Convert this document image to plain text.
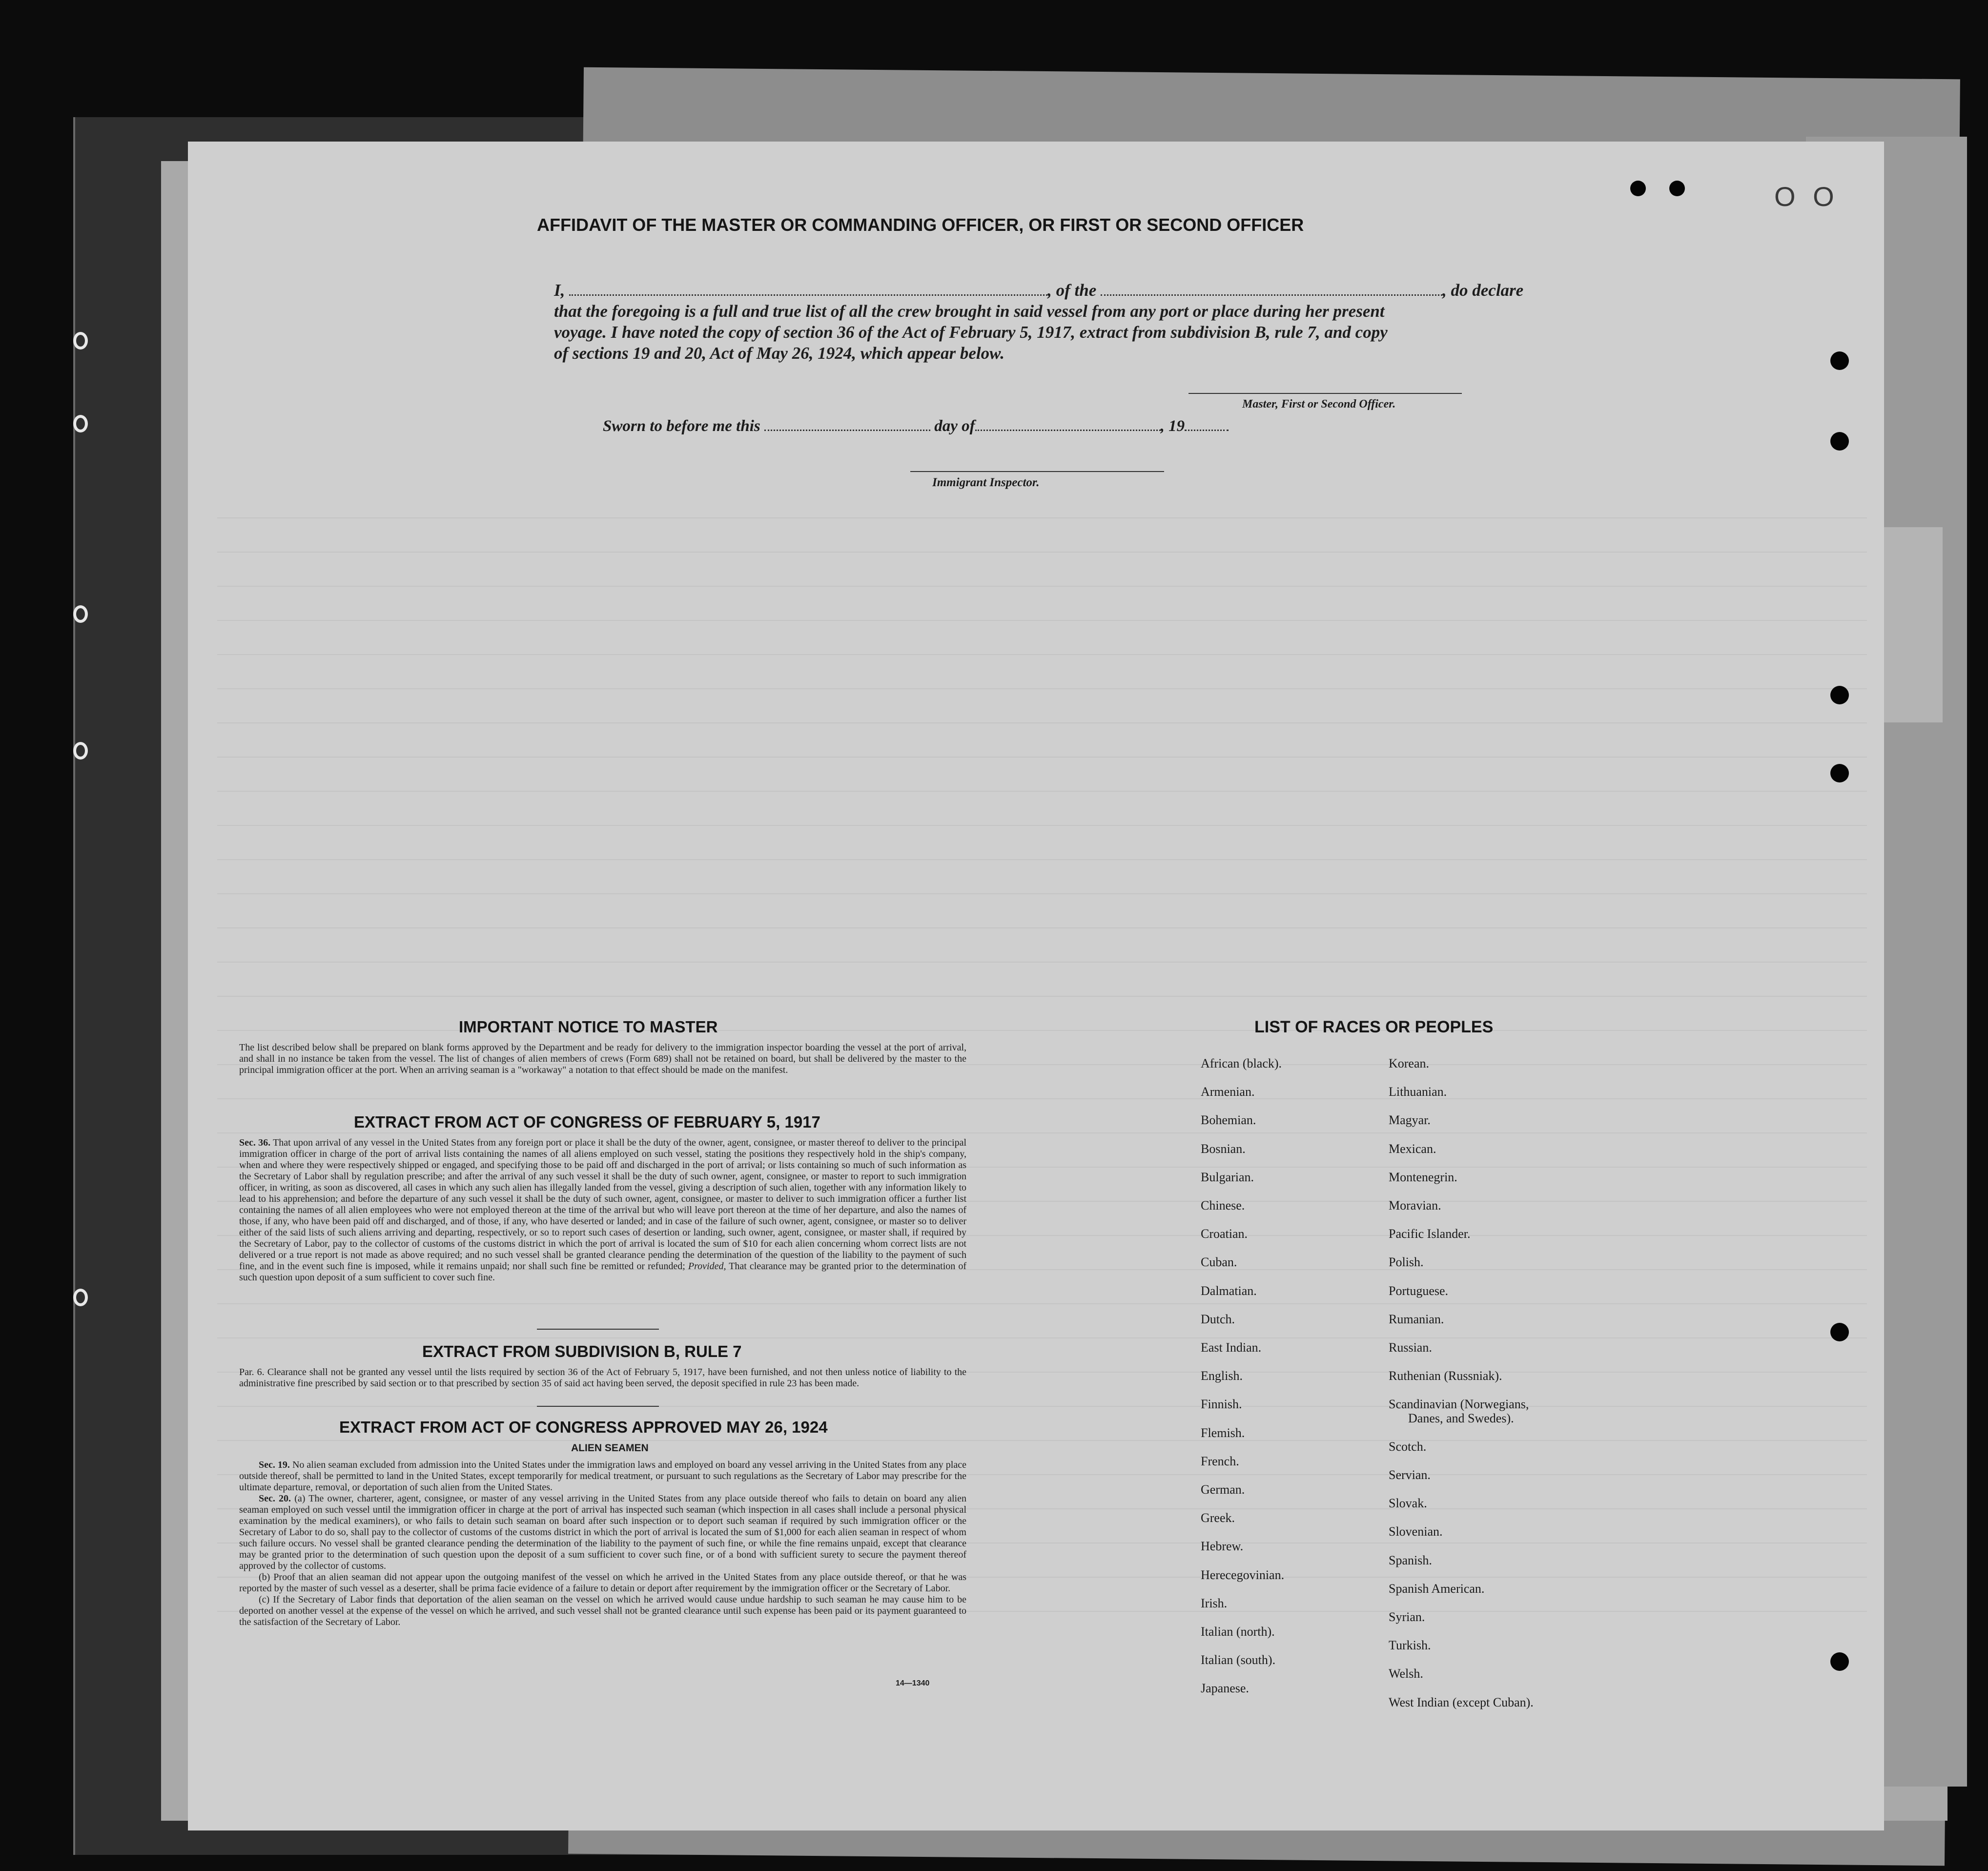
AFFIDAVIT OF THE MASTER OR COMMANDING OFFICER, OR FIRST OR SECOND OFFICER
I,	, of the	, do declare
that the foregoing is a full and true list of all the crew brought in said vessel from any port or place during her present
voyage. I have noted the copy of section 36 of the Act of February 5, 1917, extract from subdivision B, rule 7, and copy
of sections 19 and 20, Act of May 26, 1924, which appear below.
Master, First or Second Officer.
Sworn to before me this	day of	, 19
Immigrant Inspector.
IMPORTANT NOTICE TO MASTER
The list described below shall be prepared on blank forms approved by the Department and be ready for delivery to the immigration inspector boarding the vessel at the port of arrival, and shall in no instance be taken from the vessel. The list of changes of alien members of crews (Form 689) shall not be retained on board, but shall be delivered by the master to the principal immigration officer at the port. When an arriving seaman is a "workaway" a notation to that effect should be made on the manifest.
EXTRACT FROM ACT OF CONGRESS OF FEBRUARY 5, 1917
Sec. 36. That upon arrival of any vessel in the United States from any foreign port or place it shall be the duty of the owner, agent, consignee, or master thereof to deliver to the principal immigration officer in charge of the port of arrival lists containing the names of all aliens employed on such vessel, stating the positions they respectively hold in the ship's company, when and where they were respectively shipped or engaged, and specifying those to be paid off and discharged in the port of arrival; or lists containing so much of such information as the Secretary of Labor shall by regulation prescribe; and after the arrival of any such vessel it shall be the duty of such owner, agent, consignee, or master to report to such immigration officer, in writing, as soon as discovered, all cases in which any such alien has illegally landed from the vessel, giving a description of such alien, together with any information likely to lead to his apprehension; and before the departure of any such vessel it shall be the duty of such owner, agent, consignee, or master to deliver to such immigration officer a further list containing the names of all alien employees who were not employed thereon at the time of the arrival but who will leave port thereon at the time of her departure, and also the names of those, if any, who have been paid off and discharged, and of those, if any, who have deserted or landed; and in case of the failure of such owner, agent, consignee, or master so to deliver either of the said lists of such aliens arriving and departing, respectively, or so to report such cases of desertion or landing, such owner, agent, consignee, or master shall, if required by the Secretary of Labor, pay to the collector of customs of the customs district in which the port of arrival is located the sum of $10 for each alien concerning whom correct lists are not delivered or a true report is not made as above required; and no such vessel shall be granted clearance pending the determination of the question of the liability to the payment of such fine, and in the event such fine is imposed, while it remains unpaid; nor shall such fine be remitted or refunded; Provided, That clearance may be granted prior to the determination of such question upon deposit of a sum sufficient to cover such fine.
EXTRACT FROM SUBDIVISION B, RULE 7
Par. 6. Clearance shall not be granted any vessel until the lists required by section 36 of the Act of February 5, 1917, have been furnished, and not then unless notice of liability to the administrative fine prescribed by said section or to that prescribed by section 35 of said act having been served, the deposit specified in rule 23 has been made.
EXTRACT FROM ACT OF CONGRESS APPROVED MAY 26, 1924
ALIEN SEAMEN
Sec. 19. No alien seaman excluded from admission into the United States under the immigration laws and employed on board any vessel arriving in the United States from any place outside thereof, shall be permitted to land in the United States, except temporarily for medical treatment, or pursuant to such regulations as the Secretary of Labor may prescribe for the ultimate departure, removal, or deportation of such alien from the United States.
Sec. 20. (a) The owner, charterer, agent, consignee, or master of any vessel arriving in the United States from any place outside thereof who fails to detain on board any alien seaman employed on such vessel until the immigration officer in charge at the port of arrival has inspected such seaman (which inspection in all cases shall include a personal physical examination by the medical examiners), or who fails to detain such seaman on board after such inspection or to deport such seaman if required by such immigration officer or the Secretary of Labor to do so, shall pay to the collector of customs of the customs district in which the port of arrival is located the sum of $1,000 for each alien seaman in respect of whom such failure occurs. No vessel shall be granted clearance pending the determination of the liability to the payment of such fine, or while the fine remains unpaid, except that clearance may be granted prior to the determination of such question upon the deposit of a sum sufficient to cover such fine, or of a bond with sufficient surety to secure the payment thereof approved by the collector of customs.
(b) Proof that an alien seaman did not appear upon the outgoing manifest of the vessel on which he arrived in the United States from any place outside thereof, or that he was reported by the master of such vessel as a deserter, shall be prima facie evidence of a failure to detain or deport after requirement by the immigration officer or the Secretary of Labor.
(c) If the Secretary of Labor finds that deportation of the alien seaman on the vessel on which he arrived would cause undue hardship to such seaman he may cause him to be deported on another vessel at the expense of the vessel on which he arrived, and such vessel shall not be granted clearance until such expense has been paid or its payment guaranteed to the satisfaction of the Secretary of Labor.
14—1340
LIST OF RACES OR PEOPLES
African (black).
Armenian.
Bohemian.
Bosnian.
Bulgarian.
Chinese.
Croatian.
Cuban.
Dalmatian.
Dutch.
East Indian.
English.
Finnish.
Flemish.
French.
German.
Greek.
Hebrew.
Herecegovinian.
Irish.
Italian (north).
Italian (south).
Japanese.
Korean.
Lithuanian.
Magyar.
Mexican.
Montenegrin.
Moravian.
Pacific Islander.
Polish.
Portuguese.
Rumanian.
Russian.
Ruthenian (Russniak).
Scandinavian (Norwegians,
Danes, and Swedes).
Scotch.
Servian.
Slovak.
Slovenian.
Spanish.
Spanish American.
Syrian.
Turkish.
Welsh.
West Indian (except Cuban).
O O
